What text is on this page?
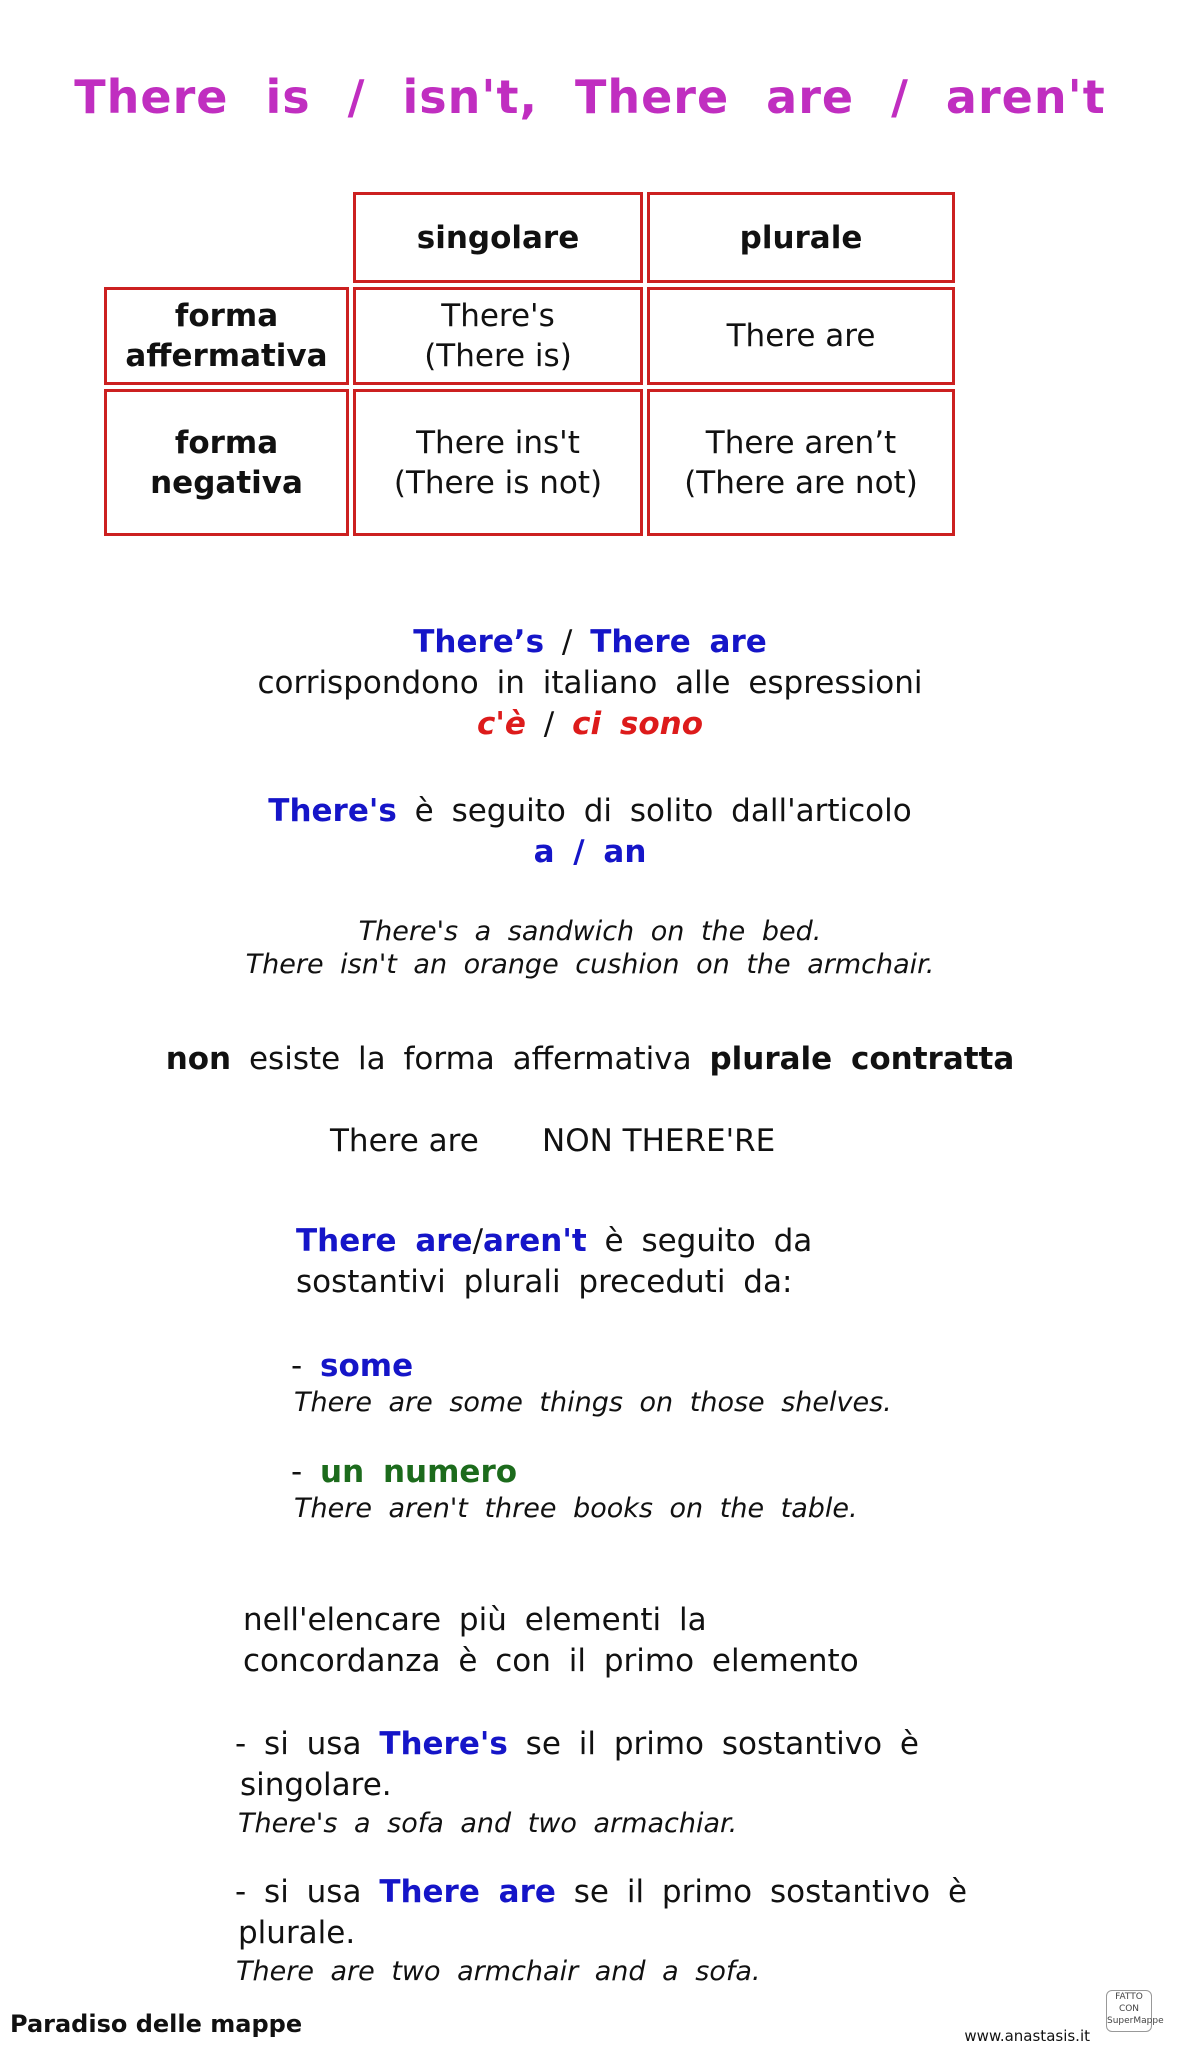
There is / isn't, There are / aren't
singolare	plurale
forma
affermativa
There's
(There is)
There are
forma
negativa
There ins't
(There is not)
There aren’t
(There are not)
There’s / There are
corrispondono in italiano alle espressioni
c'è / ci sono
There's è seguito di solito dall'articolo
a / an
There's a sandwich on the bed.
There isn't an orange cushion on the armchair.
non esiste la forma affermativa plurale contratta
There are NON THERE'RE
There are/aren't è seguito da
sostantivi plurali preceduti da:
- some
There are some things on those shelves.
- un numero
There aren't three books on the table.
nell'elencare più elementi la
concordanza è con il primo elemento
- si usa There's se il primo sostantivo è
singolare.
There's a sofa and two armachiar.
- si usa There are se il primo sostantivo è
plurale.
There are two armchair and a sofa.
Paradiso delle mappe
FATTO CON SuperMappe
www.anastasis.it
